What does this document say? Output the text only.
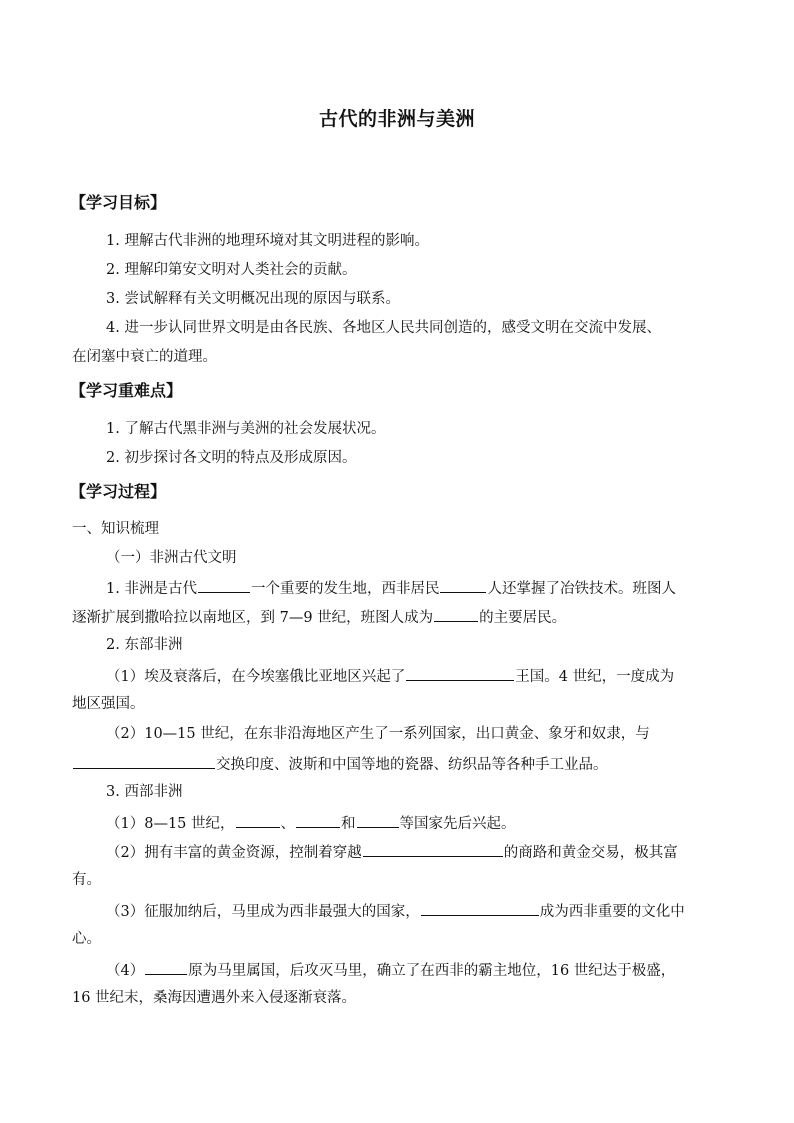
古代的非洲与美洲
【学习目标】
1. 理解古代非洲的地理环境对其文明进程的影响。
2. 理解印第安文明对人类社会的贡献。
3. 尝试解释有关文明概况出现的原因与联系。
4. 进一步认同世界文明是由各民族、各地区人民共同创造的，感受文明在交流中发展、
在闭塞中衰亡的道理。
【学习重难点】
1. 了解古代黑非洲与美洲的社会发展状况。
2. 初步探讨各文明的特点及形成原因。
【学习过程】
一、知识梳理
（一）非洲古代文明
1. 非洲是古代	一个重要的发生地，西非居民	人还掌握了冶铁技术。班图人
逐渐扩展到撒哈拉以南地区，到 7—9 世纪，班图人成为	的主要居民。
2. 东部非洲
（1）埃及衰落后，在今埃塞俄比亚地区兴起了	王国。4 世纪，一度成为
地区强国。
（2）10—15 世纪，在东非沿海地区产生了一系列国家，出口黄金、象牙和奴隶，与
交换印度、波斯和中国等地的瓷器、纺织品等各种手工业品。
3. 西部非洲
（1）8—15 世纪，	、	和	等国家先后兴起。
（2）拥有丰富的黄金资源，控制着穿越	的商路和黄金交易，极其富
有。
（3）征服加纳后，马里成为西非最强大的国家，	成为西非重要的文化中
心。
（4）	原为马里属国，后攻灭马里，确立了在西非的霸主地位，16 世纪达于极盛，
16 世纪末，桑海因遭遇外来入侵逐渐衰落。
